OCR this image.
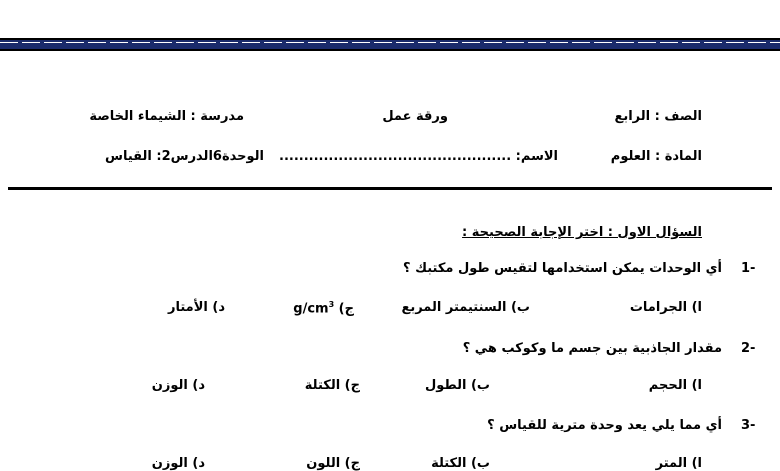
الصف : الرابع
ورقة عمل
مدرسة : الشيماء الخاصة
المادة : العلوم
الاسم: ...............................................
الوحدة6الدرس2: القياس
السؤال الاول : اختر الإجابة الصحيحة :
1-
أي الوحدات يمكن استخدامها لتقيس طول مكتبك ؟
ا) الجرامات
ب) السنتيمتر المربع
ج) $g/cm^3$
د) الأمتار
2-
مقدار الجاذبية بين جسم ما وكوكب هي ؟
ا) الحجم
ب) الطول
ج) الكتلة
د) الوزن
3-
أي مما يلي يعد وحدة مترية للقياس ؟
ا) المتر
ب) الكتلة
ج) اللون
د) الوزن
